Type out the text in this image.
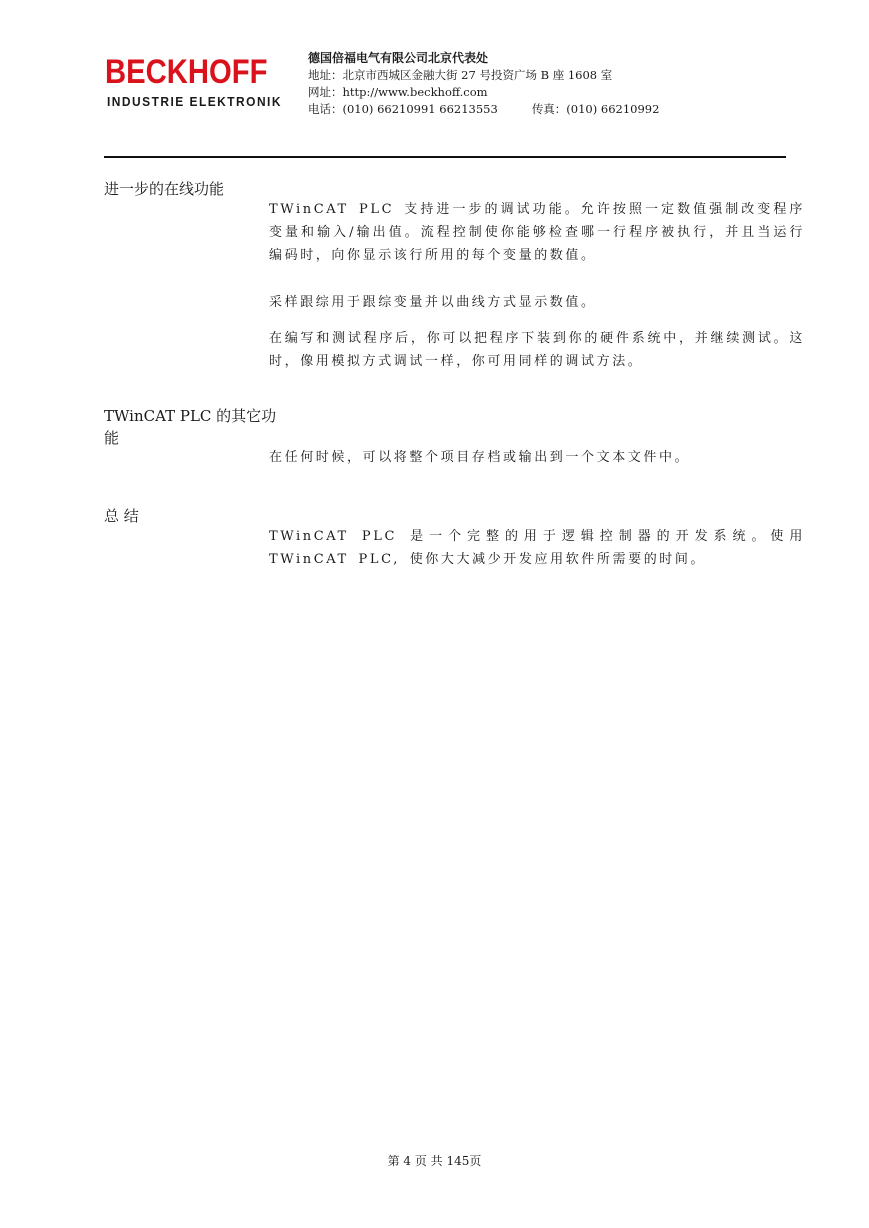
BECKHOFF
INDUSTRIE ELEKTRONIK
德国倍福电气有限公司北京代表处
地址：北京市西城区金融大街 27 号投资广场 B 座 1608 室
网址：http://www.beckhoff.com
电话：(010) 66210991 66213553	传真：(010) 66210992
进一步的在线功能
TWinCAT PLC 支持进一步的调试功能。允许按照一定数值强制改变程序变量和输入/输出值。流程控制使你能够检查哪一行程序被执行，并且当运行编码时，向你显示该行所用的每个变量的数值。
采样跟综用于跟综变量并以曲线方式显示数值。
在编写和测试程序后，你可以把程序下装到你的硬件系统中，并继续测试。这时，像用模拟方式调试一样，你可用同样的调试方法。
TWinCAT PLC 的其它功能
在任何时候，可以将整个项目存档或输出到一个文本文件中。
总 结
TWinCAT PLC 是一个完整的用于逻辑控制器的开发系统。使用 TWinCAT PLC, 使你大大减少开发应用软件所需要的时间。
第 4 页 共 145页
